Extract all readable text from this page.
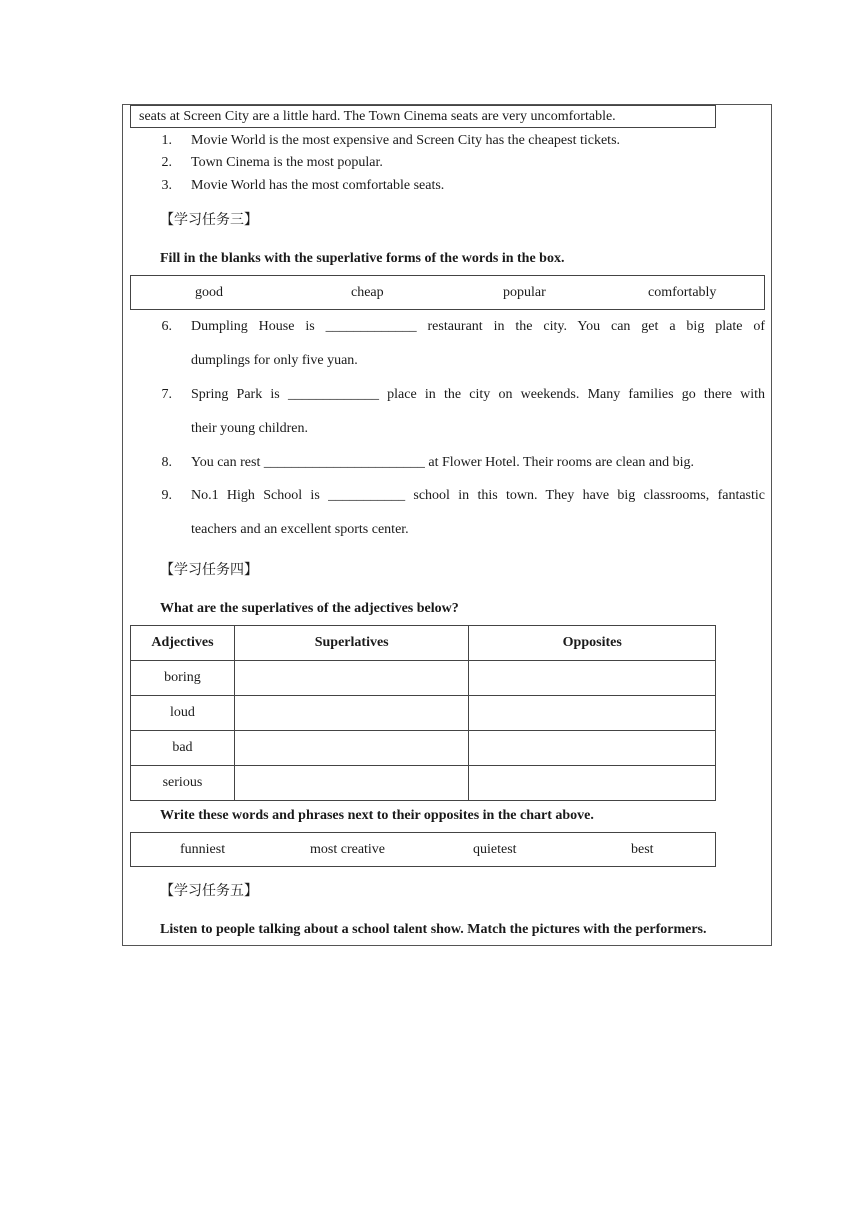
seats at Screen City are a little hard. The Town Cinema seats are very uncomfortable.
1. Movie World is the most expensive and Screen City has the cheapest tickets.
2. Town Cinema is the most popular.
3. Movie World has the most comfortable seats.
【学习任务三】
Fill in the blanks with the superlative forms of the words in the box.
good	cheap	popular	comfortably
6. Dumpling House is _____________ restaurant in the city. You can get a big plate of
dumplings for only five yuan.
7. Spring Park is _____________ place in the city on weekends. Many families go there with
their young children.
8. You can rest _______________________ at Flower Hotel. Their rooms are clean and big.
9. No.1 High School is ___________ school in this town. They have big classrooms, fantastic
teachers and an excellent sports center.
【学习任务四】
What are the superlatives of the adjectives below?
Adjectives	Superlatives	Opposites
boring		
loud		
bad		
serious		
Write these words and phrases next to their opposites in the chart above.
funniest	most creative	quietest	best
【学习任务五】
Listen to people talking about a school talent show. Match the pictures with the performers.
